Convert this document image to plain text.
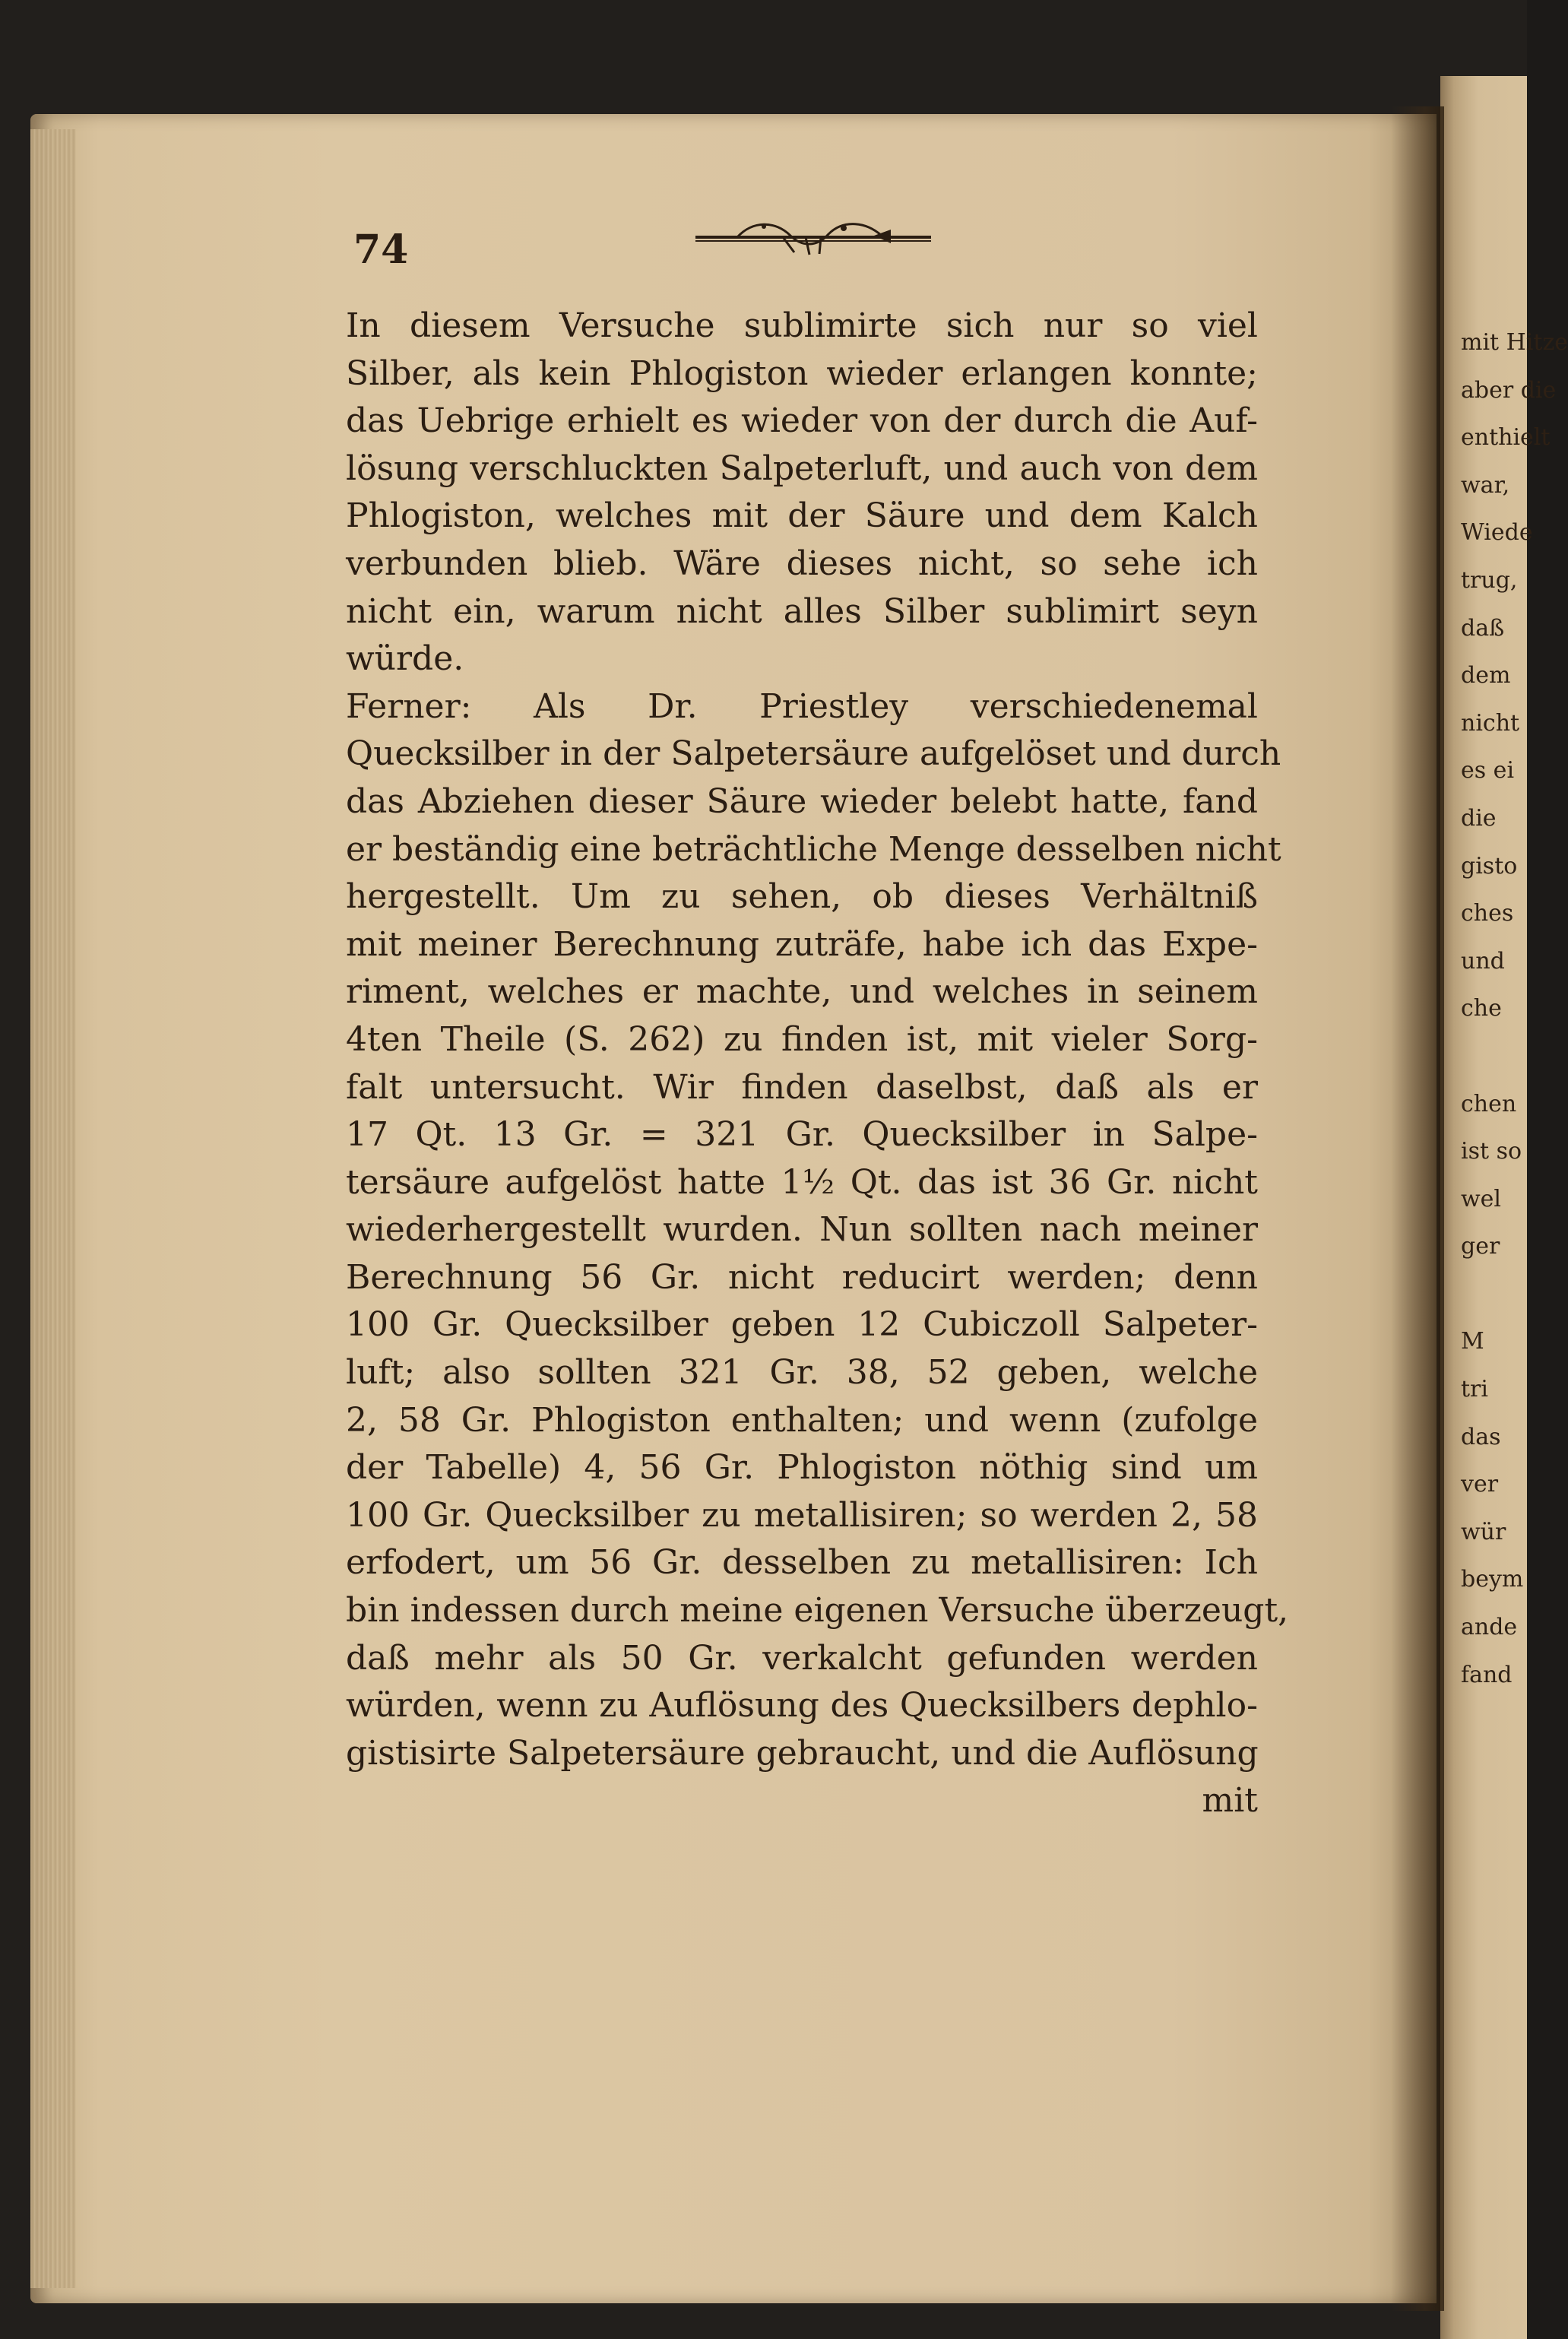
74
In diesem Versuche sublimirte sich nur so viel
Silber, als kein Phlogiston wieder erlangen konnte;
das Uebrige erhielt es wieder von der durch die Auf-
lösung verschluckten Salpeterluft, und auch von dem
Phlogiston, welches mit der Säure und dem Kalch
verbunden blieb. Wäre dieses nicht, so sehe ich
nicht ein, warum nicht alles Silber sublimirt seyn
würde.
Ferner: Als Dr. Priestley verschiedenemal
Quecksilber in der Salpetersäure aufgelöset und durch
das Abziehen dieser Säure wieder belebt hatte, fand
er beständig eine beträchtliche Menge desselben nicht
hergestellt. Um zu sehen, ob dieses Verhältniß
mit meiner Berechnung zuträfe, habe ich das Expe-
riment, welches er machte, und welches in seinem
4ten Theile (S. 262) zu finden ist, mit vieler Sorg-
falt untersucht. Wir finden daselbst, daß als er
17 Qt. 13 Gr. = 321 Gr. Quecksilber in Salpe-
tersäure aufgelöst hatte 1½ Qt. das ist 36 Gr. nicht
wiederhergestellt wurden. Nun sollten nach meiner
Berechnung 56 Gr. nicht reducirt werden; denn
100 Gr. Quecksilber geben 12 Cubiczoll Salpeter-
luft; also sollten 321 Gr. 38, 52 geben, welche
2, 58 Gr. Phlogiston enthalten; und wenn (zufolge
der Tabelle) 4, 56 Gr. Phlogiston nöthig sind um
100 Gr. Quecksilber zu metallisiren; so werden 2, 58
erfodert, um 56 Gr. desselben zu metallisiren: Ich
bin indessen durch meine eigenen Versuche überzeugt,
daß mehr als 50 Gr. verkalcht gefunden werden
würden, wenn zu Auflösung des Quecksilbers dephlo-
gistisirte Salpetersäure gebraucht, und die Auflösung
mit
mit Hitze
aber die
enthielt
war,
Wiede
trug,
daß
dem
nicht
es ei
die
gisto
ches
und
che
chen
ist so
wel
ger
M
tri
das
ver
wür
beym
ande
fand
